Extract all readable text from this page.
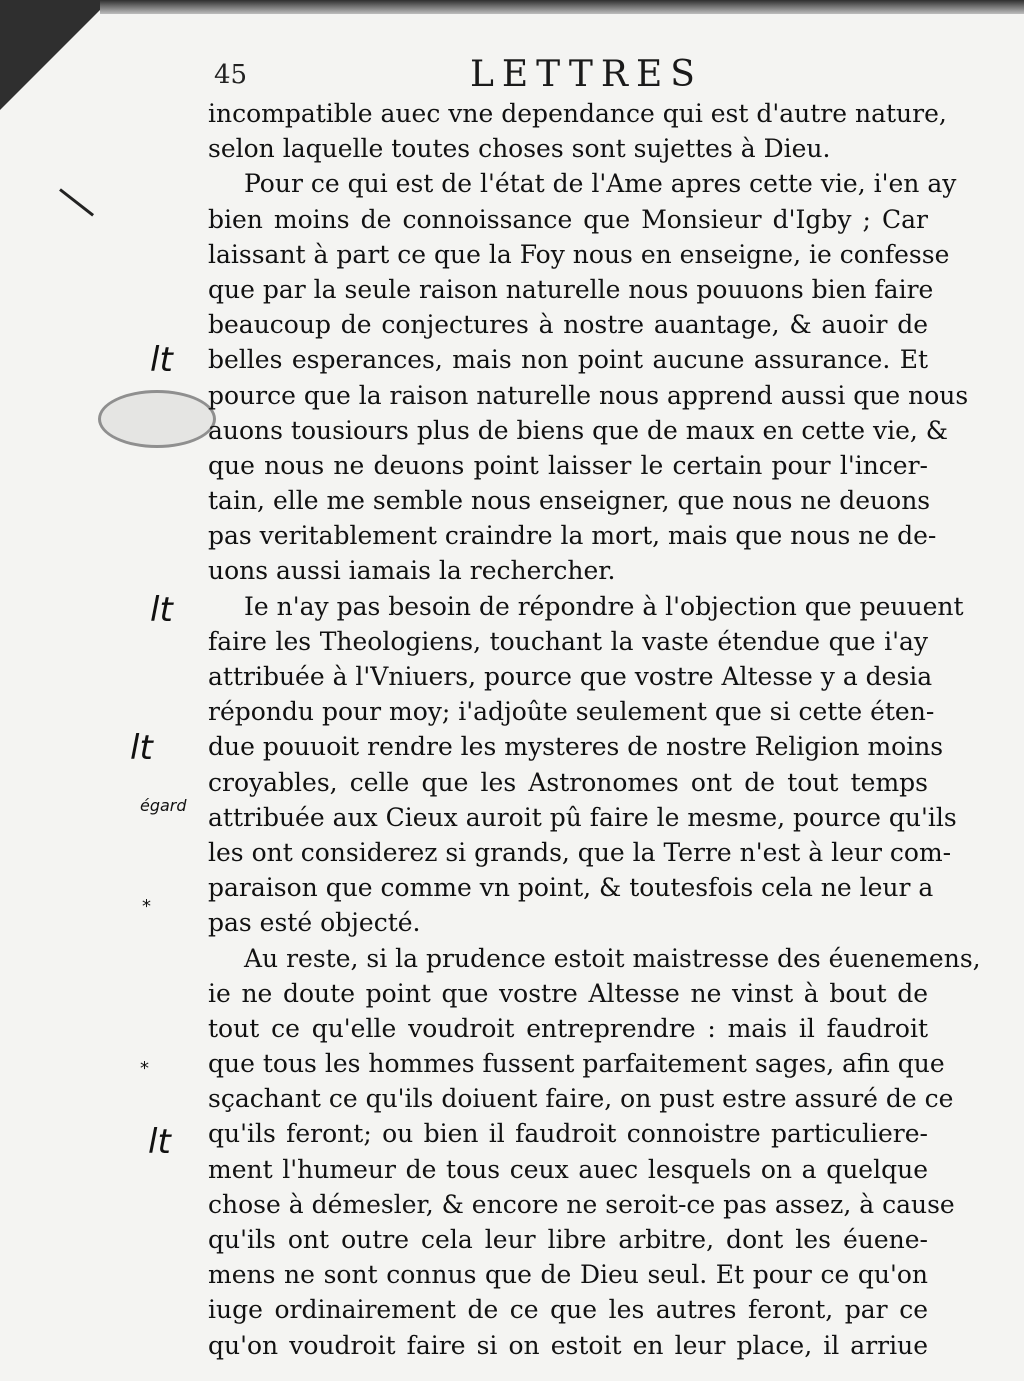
45	LETTRES
lt
lt
lt
égard
*
*
lt
incompatible auec vne dependance qui est d'autre nature,
selon laquelle toutes choses sont sujettes à Dieu.
Pour ce qui est de l'état de l'Ame apres cette vie, i'en ay
bien moins de connoissance que Monsieur d'Igby ; Car
laissant à part ce que la Foy nous en enseigne, ie confesse
que par la seule raison naturelle nous pouuons bien faire
beaucoup de conjectures à nostre auantage, & auoir de
belles esperances, mais non point aucune assurance. Et
pource que la raison naturelle nous apprend aussi que nous
auons tousiours plus de biens que de maux en cette vie, &
que nous ne deuons point laisser le certain pour l'incer-
tain, elle me semble nous enseigner, que nous ne deuons
pas veritablement craindre la mort, mais que nous ne de-
uons aussi iamais la rechercher.
Ie n'ay pas besoin de répondre à l'objection que peuuent
faire les Theologiens, touchant la vaste étendue que i'ay
attribuée à l'Vniuers, pource que vostre Altesse y a desia
répondu pour moy; i'adjoûte seulement que si cette éten-
due pouuoit rendre les mysteres de nostre Religion moins
croyables, celle que les Astronomes ont de tout temps
attribuée aux Cieux auroit pû faire le mesme, pource qu'ils
les ont considerez si grands, que la Terre n'est à leur com-
paraison que comme vn point, & toutesfois cela ne leur a
pas esté objecté.
Au reste, si la prudence estoit maistresse des éuenemens,
ie ne doute point que vostre Altesse ne vinst à bout de
tout ce qu'elle voudroit entreprendre : mais il faudroit
que tous les hommes fussent parfaitement sages, afin que
sçachant ce qu'ils doiuent faire, on pust estre assuré de ce
qu'ils feront; ou bien il faudroit connoistre particuliere-
ment l'humeur de tous ceux auec lesquels on a quelque
chose à démesler, & encore ne seroit-ce pas assez, à cause
qu'ils ont outre cela leur libre arbitre, dont les éuene-
mens ne sont connus que de Dieu seul. Et pour ce qu'on
iuge ordinairement de ce que les autres feront, par ce
qu'on voudroit faire si on estoit en leur place, il arriue
